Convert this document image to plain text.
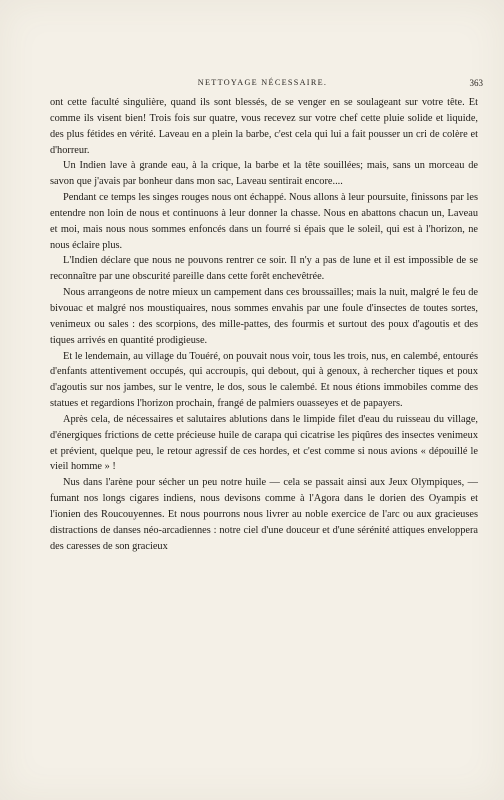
NETTOYAGE NÉCESSAIRE.	363

ont cette faculté singulière, quand ils sont blessés, de se venger en se soulageant sur votre tête. Et comme ils visent bien! Trois fois sur quatre, vous recevez sur votre chef cette pluie solide et liquide, des plus fétides en vérité. Laveau en a plein la barbe, c'est cela qui lui a fait pousser un cri de colère et d'horreur.

Un Indien lave à grande eau, à la crique, la barbe et la tête souillées; mais, sans un morceau de savon que j'avais par bonheur dans mon sac, Laveau sentirait encore....

Pendant ce temps les singes rouges nous ont échappé. Nous allons à leur poursuite, finissons par les entendre non loin de nous et continuons à leur donner la chasse. Nous en abattons chacun un, Laveau et moi, mais nous nous sommes enfoncés dans un fourré si épais que le soleil, qui est à l'horizon, ne nous éclaire plus.

L'Indien déclare que nous ne pouvons rentrer ce soir. Il n'y a pas de lune et il est impossible de se reconnaître par une obscurité pareille dans cette forêt enchevêtrée.

Nous arrangeons de notre mieux un campement dans ces broussailles; mais la nuit, malgré le feu de bivouac et malgré nos moustiquaires, nous sommes envahis par une foule d'insectes de toutes sortes, venimeux ou sales : des scorpions, des mille-pattes, des fourmis et surtout des poux d'agoutis et des tiques arrivés en quantité prodigieuse.

Et le lendemain, au village du Touéré, on pouvait nous voir, tous les trois, nus, en calembé, entourés d'enfants attentivement occupés, qui accroupis, qui debout, qui à genoux, à rechercher tiques et poux d'agoutis sur nos jambes, sur le ventre, le dos, sous le calembé. Et nous étions immobiles comme des statues et regardions l'horizon prochain, frangé de palmiers ouasseyes et de papayers.

Après cela, de nécessaires et salutaires ablutions dans le limpide filet d'eau du ruisseau du village, d'énergiques frictions de cette précieuse huile de carapa qui cicatrise les piqûres des insectes venimeux et prévient, quelque peu, le retour agressif de ces hordes, et c'est comme si nous avions « dépouillé le vieil homme » !

Nus dans l'arène pour sécher un peu notre huile — cela se passait ainsi aux Jeux Olympiques, — fumant nos longs cigares indiens, nous devisons comme à l'Agora dans le dorien des Oyampis et l'ionien des Roucouyennes. Et nous pourrons nous livrer au noble exercice de l'arc ou aux gracieuses distractions de danses néo-arcadiennes : notre ciel d'une douceur et d'une sérénité attiques enveloppera des caresses de son gracieux
